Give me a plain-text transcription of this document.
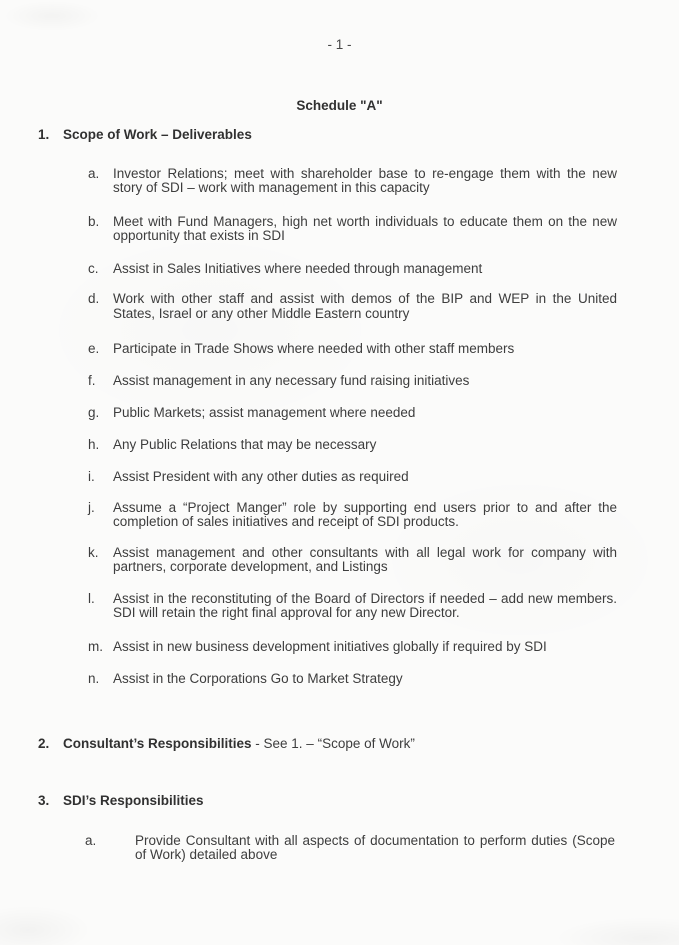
- 1 -
Schedule "A"
1. Scope of Work – Deliverables
a. Investor Relations; meet with shareholder base to re-engage them with the new story of SDI – work with management in this capacity
b. Meet with Fund Managers, high net worth individuals to educate them on the new opportunity that exists in SDI
c. Assist in Sales Initiatives where needed through management
d. Work with other staff and assist with demos of the BIP and WEP in the United States, Israel or any other Middle Eastern country
e. Participate in Trade Shows where needed with other staff members
f. Assist management in any necessary fund raising initiatives
g. Public Markets; assist management where needed
h. Any Public Relations that may be necessary
i. Assist President with any other duties as required
j. Assume a “Project Manger” role by supporting end users prior to and after the completion of sales initiatives and receipt of SDI products.
k. Assist management and other consultants with all legal work for company with partners, corporate development, and Listings
l. Assist in the reconstituting of the Board of Directors if needed – add new members. SDI will retain the right final approval for any new Director.
m. Assist in new business development initiatives globally if required by SDI
n. Assist in the Corporations Go to Market Strategy
2. Consultant’s Responsibilities - See 1. – “Scope of Work”
3. SDI’s Responsibilities
a.	Provide Consultant with all aspects of documentation to perform duties (Scope of Work) detailed above
